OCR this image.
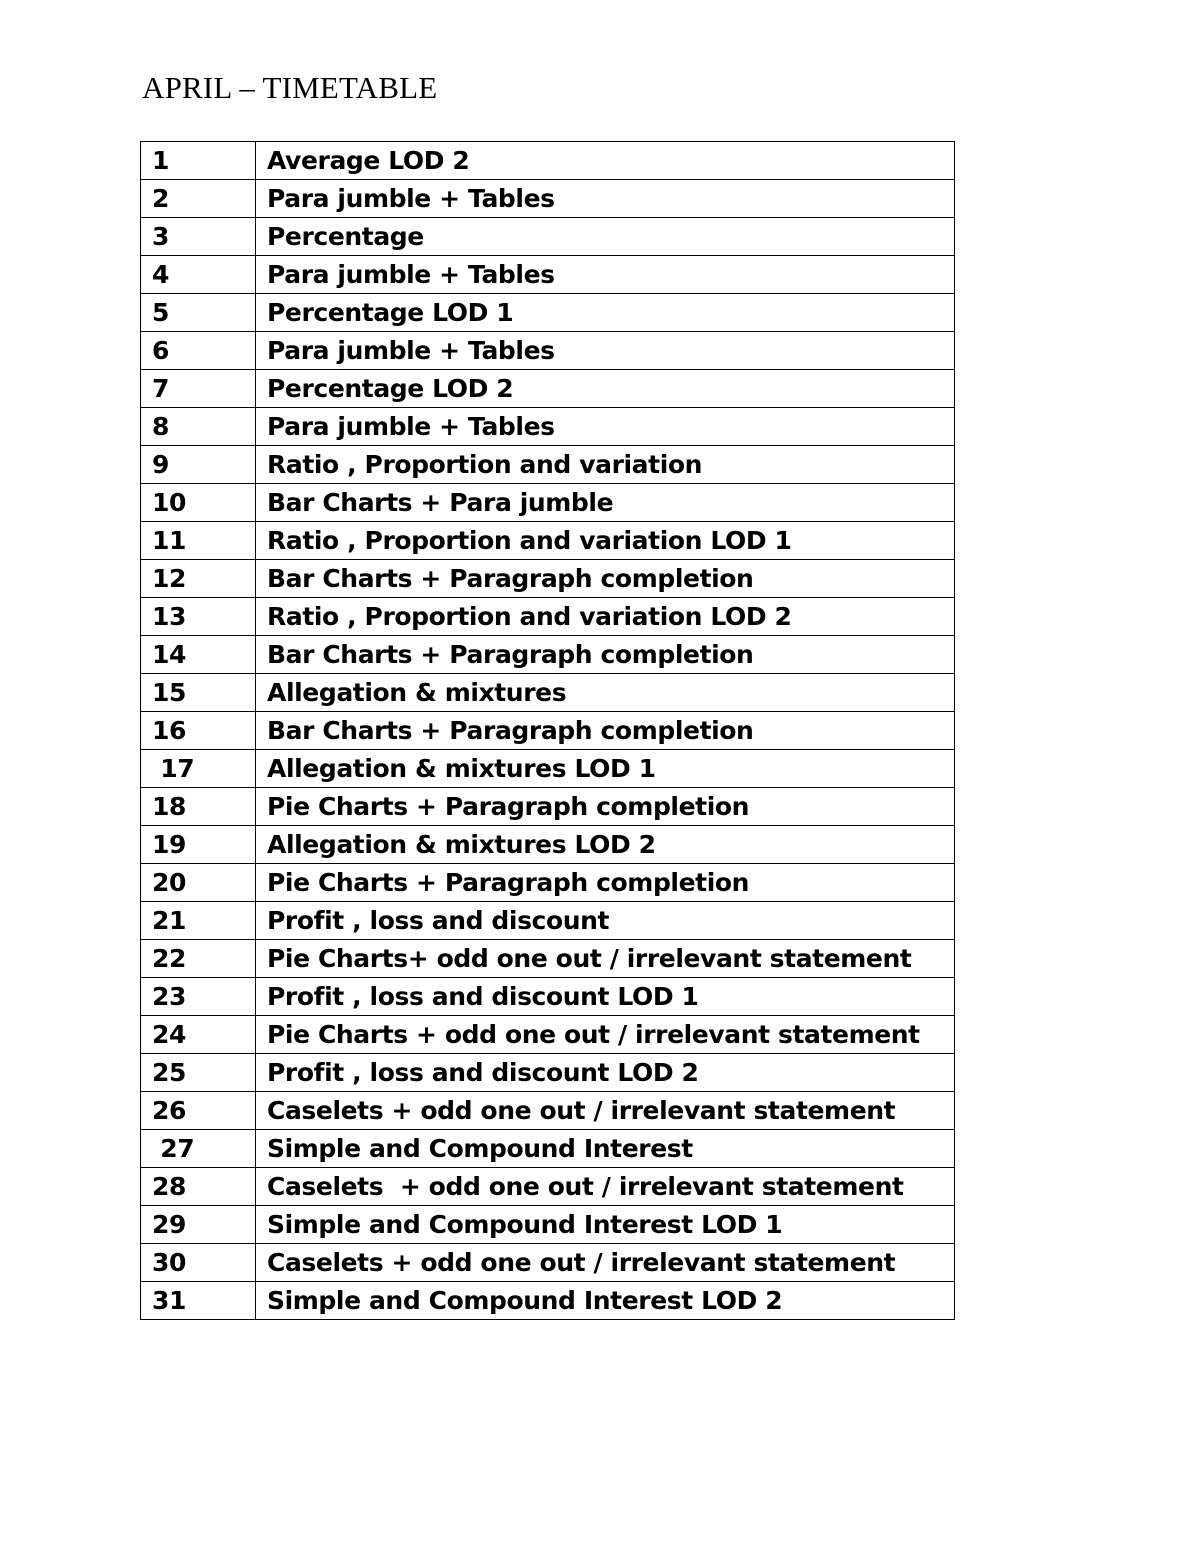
APRIL – TIMETABLE
1	Average LOD 2
2	Para jumble + Tables
3	Percentage
4	Para jumble + Tables
5	Percentage LOD 1
6	Para jumble + Tables
7	Percentage LOD 2
8	Para jumble + Tables
9	Ratio , Proportion and variation
10	Bar Charts + Para jumble
11	Ratio , Proportion and variation LOD 1
12	Bar Charts + Paragraph completion
13	Ratio , Proportion and variation LOD 2
14	Bar Charts + Paragraph completion
15	Allegation & mixtures
16	Bar Charts + Paragraph completion
17	Allegation & mixtures LOD 1
18	Pie Charts + Paragraph completion
19	Allegation & mixtures LOD 2
20	Pie Charts + Paragraph completion
21	Profit , loss and discount
22	Pie Charts+ odd one out / irrelevant statement
23	Profit , loss and discount LOD 1
24	Pie Charts + odd one out / irrelevant statement
25	Profit , loss and discount LOD 2
26	Caselets + odd one out / irrelevant statement
27	Simple and Compound Interest
28	Caselets  + odd one out / irrelevant statement
29	Simple and Compound Interest LOD 1
30	Caselets + odd one out / irrelevant statement
31	Simple and Compound Interest LOD 2
